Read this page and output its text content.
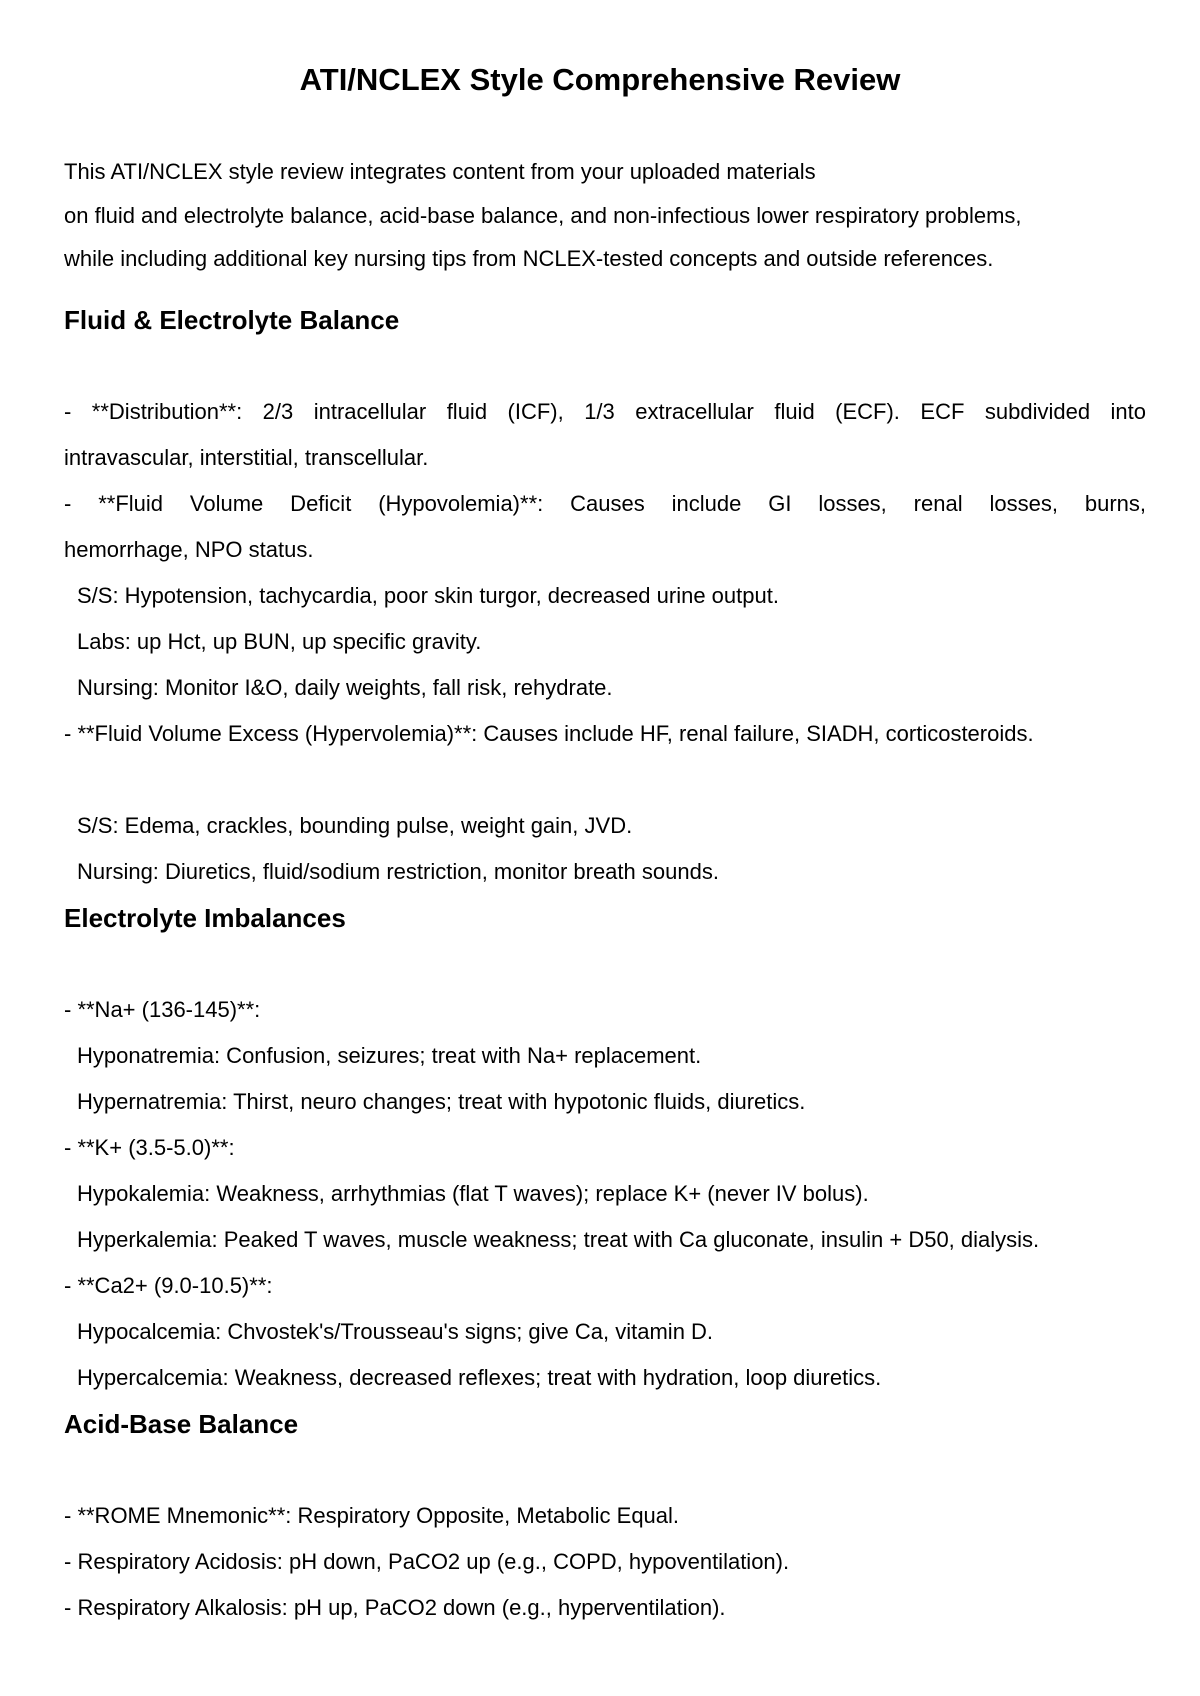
ATI/NCLEX Style Comprehensive Review

This ATI/NCLEX style review integrates content from your uploaded materials

on fluid and electrolyte balance, acid-base balance, and non-infectious lower respiratory problems,

while including additional key nursing tips from NCLEX-tested concepts and outside references.

Fluid & Electrolyte Balance

- **Distribution**: 2/3 intracellular fluid (ICF), 1/3 extracellular fluid (ECF). ECF subdivided into

intravascular, interstitial, transcellular.

- **Fluid Volume Deficit (Hypovolemia)**: Causes include GI losses, renal losses, burns,

hemorrhage, NPO status.

S/S: Hypotension, tachycardia, poor skin turgor, decreased urine output.

Labs: up Hct, up BUN, up specific gravity.

Nursing: Monitor I&O, daily weights, fall risk, rehydrate.

- **Fluid Volume Excess (Hypervolemia)**: Causes include HF, renal failure, SIADH, corticosteroids.

S/S: Edema, crackles, bounding pulse, weight gain, JVD.

Nursing: Diuretics, fluid/sodium restriction, monitor breath sounds.

Electrolyte Imbalances

- **Na+ (136-145)**:

Hyponatremia: Confusion, seizures; treat with Na+ replacement.

Hypernatremia: Thirst, neuro changes; treat with hypotonic fluids, diuretics.

- **K+ (3.5-5.0)**:

Hypokalemia: Weakness, arrhythmias (flat T waves); replace K+ (never IV bolus).

Hyperkalemia: Peaked T waves, muscle weakness; treat with Ca gluconate, insulin + D50, dialysis.

- **Ca2+ (9.0-10.5)**:

Hypocalcemia: Chvostek's/Trousseau's signs; give Ca, vitamin D.

Hypercalcemia: Weakness, decreased reflexes; treat with hydration, loop diuretics.

Acid-Base Balance

- **ROME Mnemonic**: Respiratory Opposite, Metabolic Equal.

- Respiratory Acidosis: pH down, PaCO2 up (e.g., COPD, hypoventilation).

- Respiratory Alkalosis: pH up, PaCO2 down (e.g., hyperventilation).
